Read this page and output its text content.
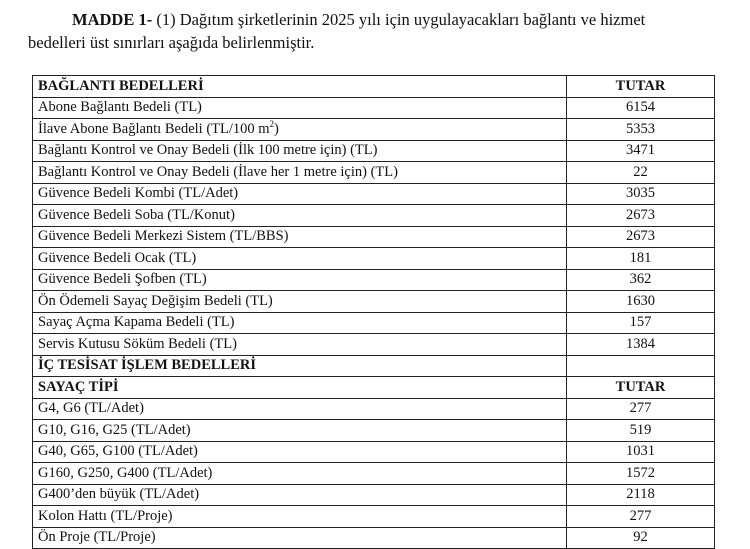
MADDE 1- (1) Dağıtım şirketlerinin 2025 yılı için uygulayacakları bağlantı ve hizmet
bedelleri üst sınırları aşağıda belirlenmiştir.
BAĞLANTI BEDELLERİ	TUTAR
Abone Bağlantı Bedeli (TL)	6154
İlave Abone Bağlantı Bedeli (TL/100 $m^2$)	5353
Bağlantı Kontrol ve Onay Bedeli (İlk 100 metre için) (TL)	3471
Bağlantı Kontrol ve Onay Bedeli (İlave her 1 metre için) (TL)	22
Güvence Bedeli Kombi (TL/Adet)	3035
Güvence Bedeli Soba (TL/Konut)	2673
Güvence Bedeli Merkezi Sistem (TL/BBS)	2673
Güvence Bedeli Ocak (TL)	181
Güvence Bedeli Şofben (TL)	362
Ön Ödemeli Sayaç Değişim Bedeli (TL)	1630
Sayaç Açma Kapama Bedeli (TL)	157
Servis Kutusu Söküm Bedeli (TL)	1384
İÇ TESİSAT İŞLEM BEDELLERİ	
SAYAÇ TİPİ	TUTAR
G4, G6 (TL/Adet)	277
G10, G16, G25 (TL/Adet)	519
G40, G65, G100 (TL/Adet)	1031
G160, G250, G400 (TL/Adet)	1572
G400’den büyük (TL/Adet)	2118
Kolon Hattı (TL/Proje)	277
Ön Proje (TL/Proje)	92
